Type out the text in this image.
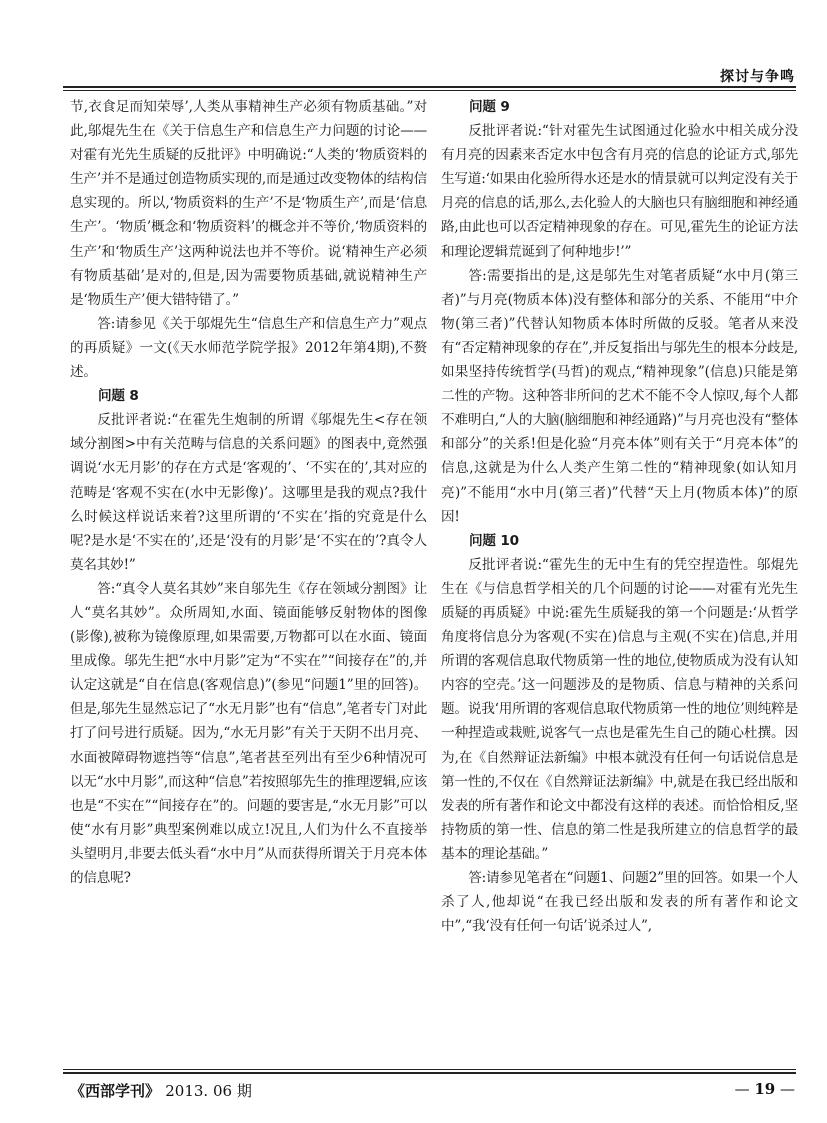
探讨与争鸣

节,衣食足而知荣辱’,人类从事精神生产必须有物质基础。”对此,邬焜先生在《关于信息生产和信息生产力问题的讨论——对霍有光先生质疑的反批评》中明确说:“人类的‘物质资料的生产’并不是通过创造物质实现的,而是通过改变物体的结构信息实现的。所以,‘物质资料的生产’不是‘物质生产’,而是‘信息生产’。‘物质’概念和‘物质资料’的概念并不等价,‘物质资料的生产’和‘物质生产’这两种说法也并不等价。说‘精神生产必须有物质基础’是对的,但是,因为需要物质基础,就说精神生产是‘物质生产’便大错特错了。”

答:请参见《关于邬焜先生“信息生产和信息生产力”观点的再质疑》一文(《天水师范学院学报》2012年第4期),不赘述。

问题 8

反批评者说:“在霍先生炮制的所谓《邬焜先生<存在领域分割图>中有关范畴与信息的关系问题》的图表中,竟然强调说‘水无月影’的存在方式是‘客观的’、‘不实在的’,其对应的范畴是‘客观不实在(水中无影像)’。这哪里是我的观点?我什么时候这样说话来着?这里所谓的‘不实在’指的究竟是什么呢?是水是‘不实在的’,还是‘没有的月影’是‘不实在的’?真令人莫名其妙!”

答:“真令人莫名其妙”来自邬先生《存在领域分割图》让人“莫名其妙”。众所周知,水面、镜面能够反射物体的图像(影像),被称为镜像原理,如果需要,万物都可以在水面、镜面里成像。邬先生把“水中月影”定为“不实在”“间接存在”的,并认定这就是“自在信息(客观信息)”(参见“问题1”里的回答)。但是,邬先生显然忘记了“水无月影”也有“信息”,笔者专门对此打了问号进行质疑。因为,“水无月影”有关于天阴不出月亮、水面被障碍物遮挡等“信息”,笔者甚至列出有至少6种情况可以无“水中月影”,而这种“信息”若按照邬先生的推理逻辑,应该也是“不实在”“间接存在”的。问题的要害是,“水无月影”可以使“水有月影”典型案例难以成立!况且,人们为什么不直接举头望明月,非要去低头看“水中月”从而获得所谓关于月亮本体的信息呢?

问题 9

反批评者说:“针对霍先生试图通过化验水中相关成分没有月亮的因素来否定水中包含有月亮的信息的论证方式,邬先生写道:‘如果由化验所得水还是水的情景就可以判定没有关于月亮的信息的话,那么,去化验人的大脑也只有脑细胞和神经通路,由此也可以否定精神现象的存在。可见,霍先生的论证方法和理论逻辑荒诞到了何种地步!’”

答:需要指出的是,这是邬先生对笔者质疑“水中月(第三者)”与月亮(物质本体)没有整体和部分的关系、不能用“中介物(第三者)”代替认知物质本体时所做的反驳。笔者从来没有“否定精神现象的存在”,并反复指出与邬先生的根本分歧是,如果坚持传统哲学(马哲)的观点,“精神现象”(信息)只能是第二性的产物。这种答非所问的艺术不能不令人惊叹,每个人都不难明白,“人的大脑(脑细胞和神经通路)”与月亮也没有“整体和部分”的关系!但是化验“月亮本体”则有关于“月亮本体”的信息,这就是为什么人类产生第二性的“精神现象(如认知月亮)”不能用“水中月(第三者)”代替“天上月(物质本体)”的原因!

问题 10

反批评者说:“霍先生的无中生有的凭空捏造性。邬焜先生在《与信息哲学相关的几个问题的讨论——对霍有光先生质疑的再质疑》中说:霍先生质疑我的第一个问题是:‘从哲学角度将信息分为客观(不实在)信息与主观(不实在)信息,并用所谓的客观信息取代物质第一性的地位,使物质成为没有认知内容的空壳。’这一问题涉及的是物质、信息与精神的关系问题。说我‘用所谓的客观信息取代物质第一性的地位’则纯粹是一种捏造或栽赃,说客气一点也是霍先生自己的随心杜撰。因为,在《自然辩证法新编》中根本就没有任何一句话说信息是第一性的,不仅在《自然辩证法新编》中,就是在我已经出版和发表的所有著作和论文中都没有这样的表述。而恰恰相反,坚持物质的第一性、信息的第二性是我所建立的信息哲学的最基本的理论基础。”

答:请参见笔者在“问题1、问题2”里的回答。如果一个人杀了人,他却说“在我已经出版和发表的所有著作和论文中”,“我‘没有任何一句话’说杀过人”,

《西部学刊》 2013. 06 期	— 19 —
